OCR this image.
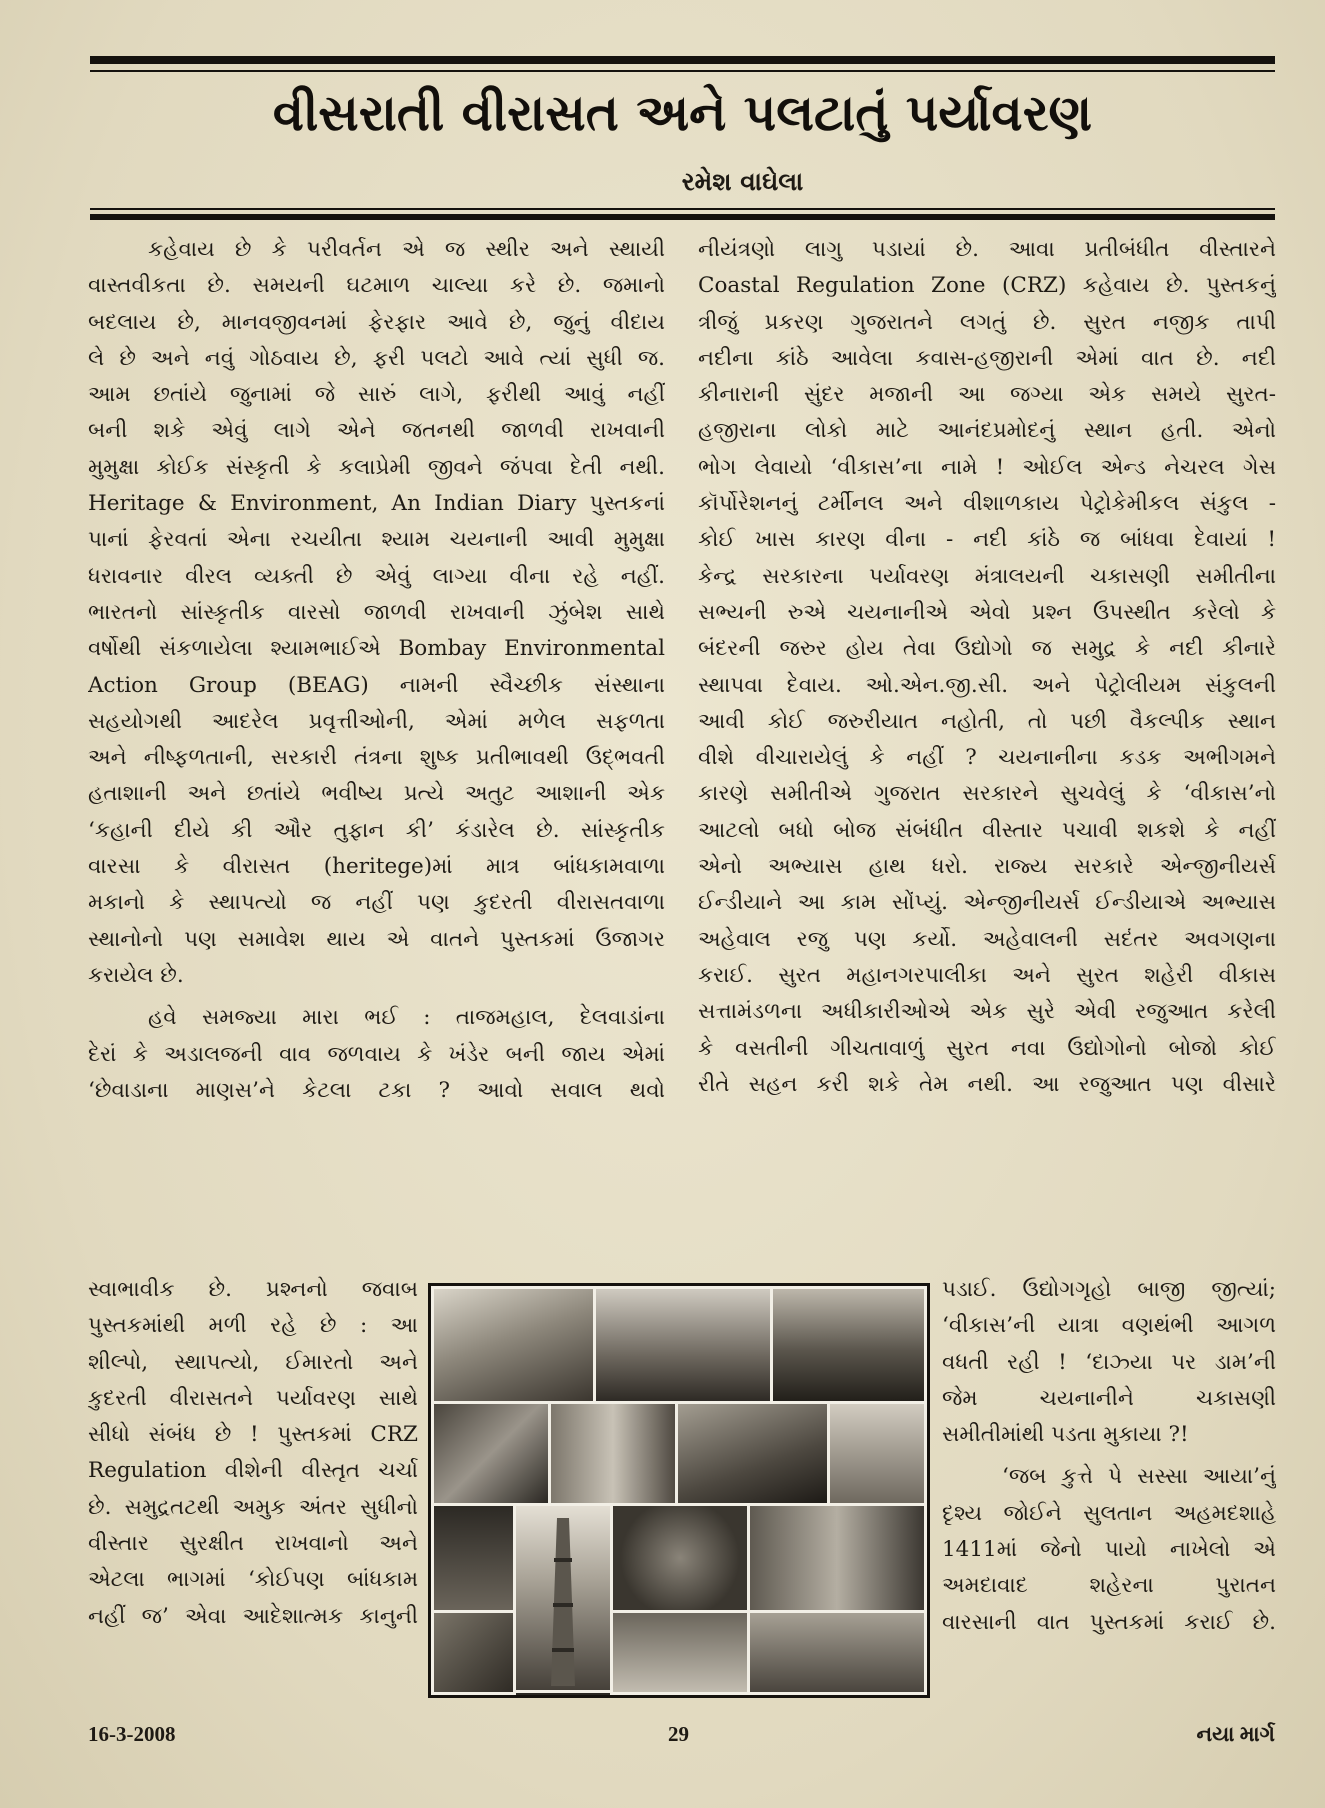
વીસરાતી વીરાસત અને પલટાતું પર્યાવરણ
રમેશ વાઘેલા
કહેવાય છે કે પરીવર્તન એ જ સ્થીર અને સ્થાયી
વાસ્તવીકતા છે. સમયની ઘટમાળ ચાલ્યા કરે છે. જમાનો
બદલાય છે, માનવજીવનમાં ફેરફાર આવે છે, જુનું વીદાય
લે છે અને નવું ગોઠવાય છે, ફરી પલટો આવે ત્યાં સુધી જ.
આમ છતાંયે જુનામાં જે સારું લાગે, ફરીથી આવું નહીં
બની શકે એવું લાગે એને જતનથી જાળવી રાખવાની
મુમુક્ષા કોઈક સંસ્કૃતી કે કલાપ્રેમી જીવને જંપવા દેતી નથી.
Heritage & Environment, An Indian Diary પુસ્તકનાં
પાનાં ફેરવતાં એના રચયીતા શ્યામ ચયનાની આવી મુમુક્ષા
ધરાવનાર વીરલ વ્યક્તી છે એવું લાગ્યા વીના રહે નહીં.
ભારતનો સાંસ્કૃતીક વારસો જાળવી રાખવાની ઝુંબેશ સાથે
વર્ષોથી સંકળાયેલા શ્યામભાઈએ Bombay Environmental
Action Group (BEAG) નામની સ્વૈચ્છીક સંસ્થાના
સહયોગથી આદરેલ પ્રવૃત્તીઓની, એમાં મળેલ સફળતા
અને નીષ્ફળતાની, સરકારી તંત્રના શુષ્ક પ્રતીભાવથી ઉદ્ભવતી
હતાશાની અને છતાંયે ભવીષ્ય પ્રત્યે અતુટ આશાની એક
‘કહાની દીયે કી ઔર તુફાન કી’ કંડારેલ છે. સાંસ્કૃતીક
વારસા કે વીરાસત (heritege)માં માત્ર બાંધકામવાળા
મકાનો કે સ્થાપત્યો જ નહીં પણ કુદરતી વીરાસતવાળા
સ્થાનોનો પણ સમાવેશ થાય એ વાતને પુસ્તકમાં ઉજાગર
કરાયેલ છે.
હવે સમજ્યા મારા ભઈ : તાજમહાલ, દેલવાડાંના
દેરાં કે અડાલજની વાવ જળવાય કે ખંડેર બની જાય એમાં
‘છેવાડાના માણસ’ને કેટલા ટકા ? આવો સવાલ થવો
સ્વાભાવીક છે. પ્રશ્નનો જવાબ
પુસ્તકમાંથી મળી રહે છે : આ
શીલ્પો, સ્થાપત્યો, ઈમારતો અને
કુદરતી વીરાસતને પર્યાવરણ સાથે
સીધો સંબંધ છે ! પુસ્તકમાં CRZ
Regulation વીશેની વીસ્તૃત ચર્ચા
છે. સમુદ્રતટથી અમુક અંતર સુધીનો
વીસ્તાર સુરક્ષીત રાખવાનો અને
એટલા ભાગમાં ‘કોઈપણ બાંધકામ
નહીં જ’ એવા આદેશાત્મક કાનુની
નીયંત્રણો લાગુ પડાયાં છે. આવા પ્રતીબંધીત વીસ્તારને
Coastal Regulation Zone (CRZ) કહેવાય છે. પુસ્તકનું
ત્રીજું પ્રકરણ ગુજરાતને લગતું છે. સુરત નજીક તાપી
નદીના કાંઠે આવેલા કવાસ-હજીરાની એમાં વાત છે. નદી
કીનારાની સુંદર મજાની આ જગ્યા એક સમયે સુરત-
હજીરાના લોકો માટે આનંદપ્રમોદનું સ્થાન હતી. એનો
ભોગ લેવાયો ‘વીકાસ’ના નામે ! ઓઈલ એન્ડ નેચરલ ગેસ
કૉર્પોરેશનનું ટર્મીનલ અને વીશાળકાય પેટ્રોકેમીકલ સંકુલ -
કોઈ ખાસ કારણ વીના - નદી કાંઠે જ બાંધવા દેવાયાં !
કેન્દ્ર સરકારના પર્યાવરણ મંત્રાલયની ચકાસણી સમીતીના
સભ્યની રુએ ચયનાનીએ એવો પ્રશ્ન ઉપસ્થીત કરેલો કે
બંદરની જરુર હોય તેવા ઉદ્યોગો જ સમુદ્ર કે નદી કીનારે
સ્થાપવા દેવાય. ઓ.એન.જી.સી. અને પેટ્રોલીયમ સંકુલની
આવી કોઈ જરુરીયાત નહોતી, તો પછી વૈકલ્પીક સ્થાન
વીશે વીચારાયેલું કે નહીં ? ચયનાનીના કડક અભીગમને
કારણે સમીતીએ ગુજરાત સરકારને સુચવેલું કે ‘વીકાસ’નો
આટલો બધો બોજ સંબંધીત વીસ્તાર પચાવી શકશે કે નહીં
એનો અભ્યાસ હાથ ધરો. રાજ્ય સરકારે એન્જીનીયર્સ
ઈન્ડીયાને આ કામ સોંપ્યું. એન્જીનીયર્સ ઈન્ડીયાએ અભ્યાસ
અહેવાલ રજુ પણ કર્યો. અહેવાલની સદંતર અવગણના
કરાઈ. સુરત મહાનગરપાલીકા અને સુરત શહેરી વીકાસ
સત્તામંડળના અધીકારીઓએ એક સુરે એવી રજુઆત કરેલી
કે વસતીની ગીચતાવાળું સુરત નવા ઉદ્યોગોનો બોજો કોઈ
રીતે સહન કરી શકે તેમ નથી. આ રજુઆત પણ વીસારે
પડાઈ. ઉદ્યોગગૃહો બાજી જીત્યાં;
‘વીકાસ’ની યાત્રા વણથંભી આગળ
વધતી રહી ! ‘દાઝ્યા પર ડામ’ની
જેમ ચયનાનીને ચકાસણી
સમીતીમાંથી પડતા મુકાયા ?!
‘જબ કુત્તે પે સસ્સા આયા’નું
દૃશ્ય જોઈને સુલતાન અહમદશાહે
1411માં જેનો પાયો નાખેલો એ
અમદાવાદ શહેરના પુરાતન
વારસાની વાત પુસ્તકમાં કરાઈ છે.
16-3-2008	29	નયા માર્ગ
